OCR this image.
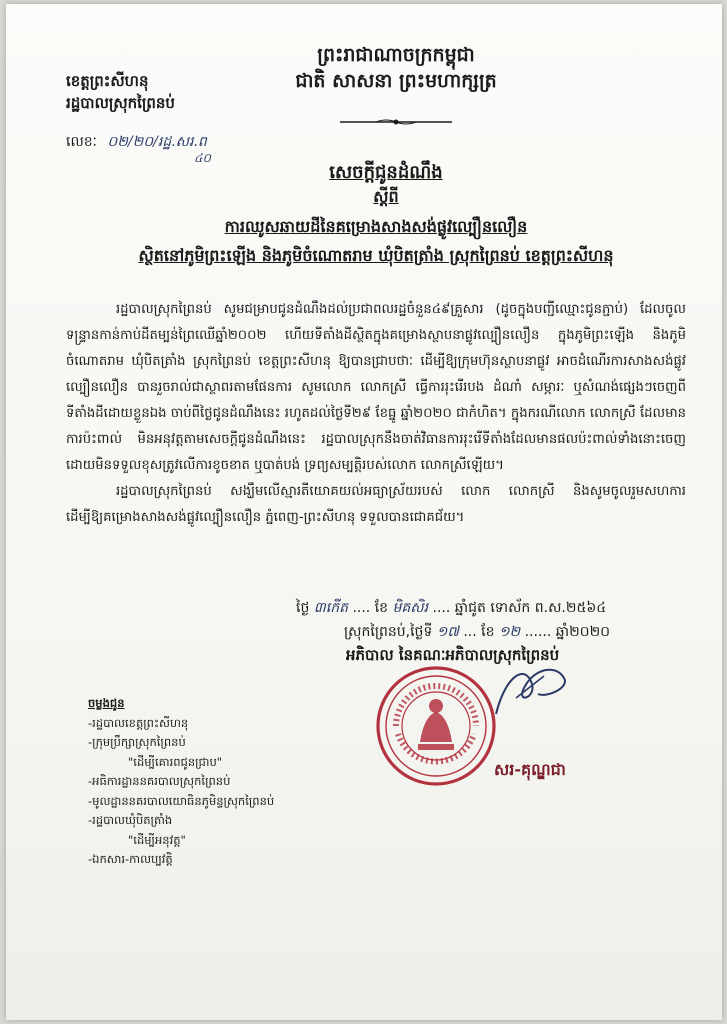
ព្រះរាជាណាចក្រកម្ពុជា
ជាតិ សាសនា ព្រះមហាក្សត្រ
ខេត្តព្រះសីហនុ
រដ្ឋបាលស្រុកព្រៃនប់
លេខៈ ០២/២០/រដ្ឋ.សរ.ព
៤០
សេចក្ដីជូនដំណឹង
ស្ដីពី
ការឈូសឆាយដីនៃគម្រោងសាងសង់ផ្លូវល្បឿនលឿន
ស្ថិតនៅភូមិព្រះឡើង និងភូមិចំណោតរាម ឃុំបិតត្រាំង ស្រុកព្រៃនប់ ខេត្តព្រះសីហនុ

រដ្ឋបាលស្រុកព្រៃនប់ សូមជម្រាបជូនដំណឹងដល់ប្រជាពលរដ្ឋចំនួន៤៩គ្រួសារ (ដូចក្នុងបញ្ជីឈ្មោះជូនភ្ជាប់) ដែលចូលទន្ទ្រានកាន់កាប់ដីតម្បន់ព្រៃឈើឆ្នាំ២០០២ ហើយទីតាំងដីស្ថិតក្នុងគម្រោងស្ថាបនាផ្លូវល្បឿនលឿន ក្នុងភូមិព្រះឡើង និងភូមិចំណោតរាម ឃុំបិតត្រាំង ស្រុកព្រៃនប់ ខេត្តព្រះសីហនុ ឱ្យបានជ្រាបថាៈ ដើម្បីឱ្យក្រុមហ៊ុនស្ថាបនាផ្លូវ អាចដំណើរការសាងសង់ផ្លូវល្បឿនលឿន បានរួចរាល់ជាស្ថាពរតាមផែនការ សូមលោក លោកស្រី ធ្វើការរុះរើរបង ដំណាំ សម្ភារៈ ឬសំណង់ផ្សេងៗចេញពីទីតាំងដីដោយខ្លួនឯង ចាប់ពីថ្ងៃជូនដំណឹងនេះ រហូតដល់ថ្ងៃទី២៩ ខែធ្នូ ឆ្នាំ២០២០ ជាកំហិត។ ក្នុងករណីលោក លោកស្រី ដែលមានការប៉ះពាល់ មិនអនុវត្តតាមសេចក្ដីជូនដំណឹងនេះ រដ្ឋបាលស្រុកនឹងចាត់វិធានការរុះរើទីតាំងដែលមានផលប៉ះពាល់ទាំងនោះចេញ ដោយមិនទទួលខុសត្រូវលើការខូចខាត ឬបាត់បង់ ទ្រព្យសម្បត្តិរបស់លោក លោកស្រីឡើយ។

រដ្ឋបាលស្រុកព្រៃនប់ សង្ឃឹមលើស្មារតីយោគយល់អធ្យាស្រ័យរបស់ លោក លោកស្រី និងសូមចូលរួមសហការ ដើម្បីឱ្យគម្រោងសាងសង់ផ្លូវល្បឿនលឿន ភ្នំពេញ-ព្រះសីហនុ ទទួលបានជោគជ័យ។

ថ្ងៃ ៣កើត .... ខែ មិគសិរ .... ឆ្នាំជូត ទោស័ក ព.ស.២៥៦៤
ស្រុកព្រៃនប់,ថ្ងៃទី ១៧ ... ខែ ១២ ...... ឆ្នាំ២០២០
អភិបាល នៃគណៈអភិបាលស្រុកព្រៃនប់
សរ-គុណ្ឌជា
ចម្លងជូន
-រដ្ឋបាលខេត្តព្រះសីហនុ
-ក្រុមប្រឹក្សាស្រុកព្រៃនប់
"ដើម្បីគោរពជូនជ្រាប"
-អធិការដ្ឋាននគរបាលស្រុកព្រៃនប់
-មូលដ្ឋាននគរបាលយោធិនភូមិន្ទស្រុកព្រៃនប់
-រដ្ឋបាលឃុំបិតត្រាំង
"ដើម្បីអនុវត្ត"
-ឯកសារ-កាលប្បវត្តិ
